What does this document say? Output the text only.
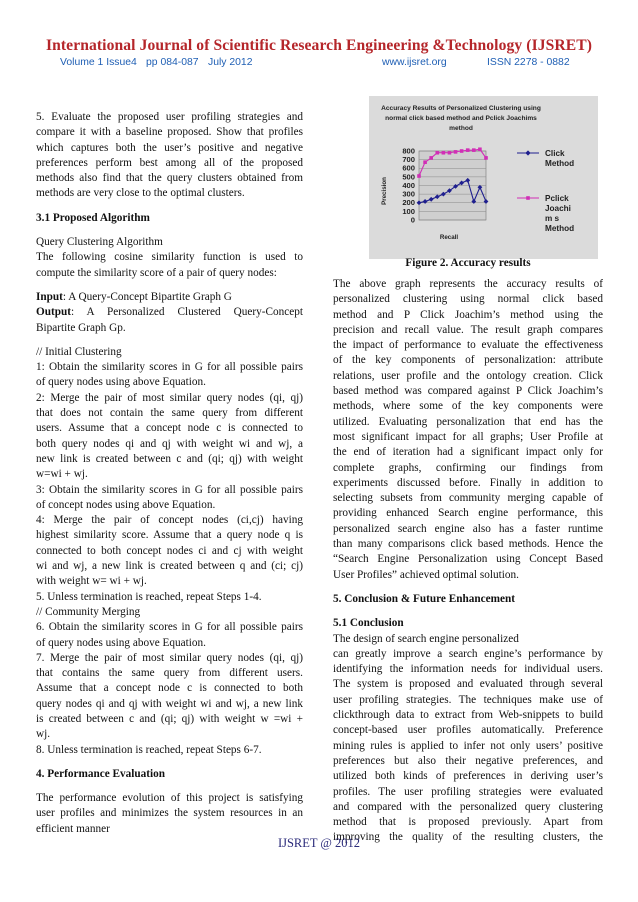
International Journal of Scientific Research Engineering &Technology (IJSRET)
Volume 1 Issue4 pp 084-087 July 2012	www.ijsret.org	ISSN 2278 - 0882

5. Evaluate the proposed user profiling strategies and

compare it with a baseline proposed. Show that profiles

which captures both the user’s positive and negative

preferences perform best among all of the proposed

methods also find that the query clusters obtained from

methods are very close to the optimal clusters.

3.1 Proposed Algorithm

Query Clustering Algorithm

The following cosine similarity function is used to

compute the similarity score of a pair of query nodes:

Input: A Query-Concept Bipartite Graph G

Output: A Personalized Clustered Query-Concept

Bipartite Graph Gp.

// Initial Clustering

1: Obtain the similarity scores in G for all possible pairs

of query nodes using above Equation.

2: Merge the pair of most similar query nodes (qi, qj)

that does not contain the same query from different

users. Assume that a concept node c is connected to

both query nodes qi and qj with weight wi and wj, a

new link is created between c and (qi; qj) with weight

w=wi + wj.

3: Obtain the similarity scores in G for all possible pairs

of concept nodes using above Equation.

4: Merge the pair of concept nodes (ci,cj) having

highest similarity score. Assume that a query node q is

connected to both concept nodes ci and cj with weight

wi and wj, a new link is created between q and (ci; cj)

with weight w= wi + wj.

5. Unless termination is reached, repeat Steps 1-4.

// Community Merging

6. Obtain the similarity scores in G for all possible pairs

of query nodes using above Equation.

7. Merge the pair of most similar query nodes (qi, qj)

that contains the same query from different users.

Assume that a concept node c is connected to both

query nodes qi and qj with weight wi and wj, a new link

is created between c and (qi; qj) with weight w =wi +

wj.

8. Unless termination is reached, repeat Steps 6-7.

4. Performance Evaluation

The performance evolution of this project is satisfying

user profiles and minimizes the system resources in an

efficient manner

Accuracy Results of Personalized Clustering using
normal click based method and Pclick Joachims
method
Precision
Recall
800
700
600
500
400
300
200
100
0
Click
Method
Pclick
Joachi
m s
Method
Figure 2. Accuracy results

The above graph represents the accuracy results of

personalized clustering using normal click based

method and P Click Joachim’s method using the

precision and recall value. The result graph compares

the impact of performance to evaluate the effectiveness

of the key components of personalization: attribute

relations, user profile and the ontology creation. Click

based method was compared against P Click Joachim’s

methods, where some of the key components were

utilized. Evaluating personalization that end has the

most significant impact for all graphs; User Profile at

the end of iteration had a significant impact only for

complete graphs, confirming our findings from

experiments discussed before. Finally in addition to

selecting subsets from community merging capable of

providing enhanced Search engine performance, this

personalized search engine also has a faster runtime

than many comparisons click based methods. Hence the

“Search Engine Personalization using Concept Based

User Profiles” achieved optimal solution.

5. Conclusion & Future Enhancement

5.1 Conclusion

The design of search engine personalized

can greatly improve a search engine’s performance by

identifying the information needs for individual users.

The system is proposed and evaluated through several

user profiling strategies. The techniques make use of

clickthrough data to extract from Web-snippets to build

concept-based user profiles automatically. Preference

mining rules is applied to infer not only users’ positive

preferences but also their negative preferences, and

utilized both kinds of preferences in deriving user’s

profiles. The user profiling strategies were evaluated

and compared with the personalized query clustering

method that is proposed previously. Apart from

improving the quality of the resulting clusters, the

IJSRET @ 2012
